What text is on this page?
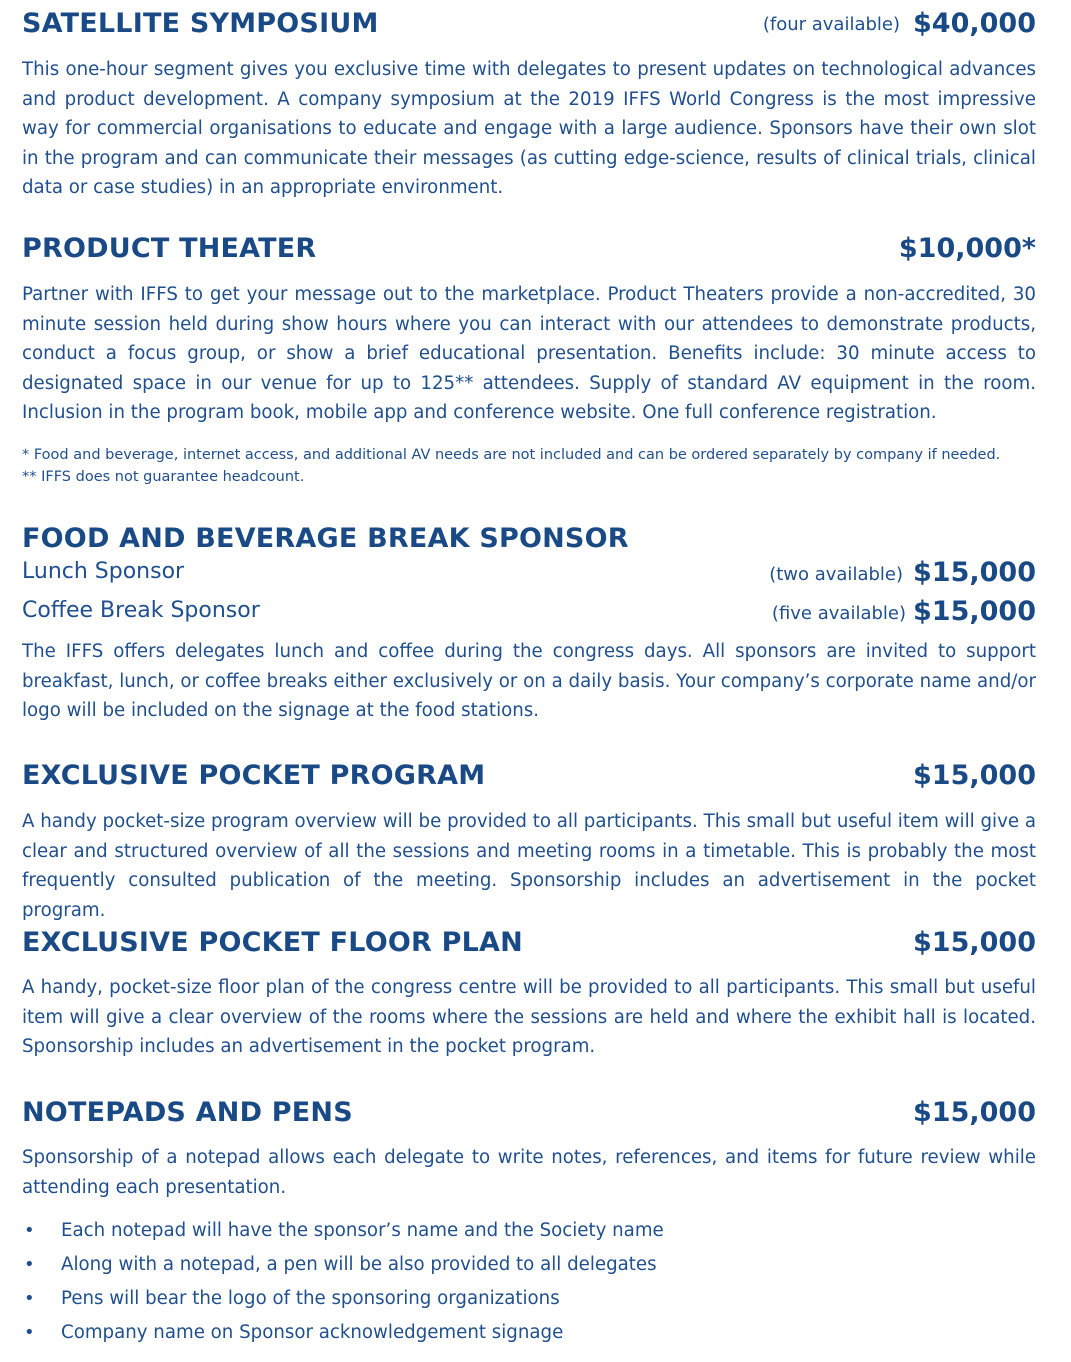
SATELLITE SYMPOSIUM	(four available) $40,000

This one-hour segment gives you exclusive time with delegates to present updates on technological advances and product development. A company symposium at the 2019 IFFS World Congress is the most impressive way for commercial organisations to educate and engage with a large audience. Sponsors have their own slot in the program and can communicate their messages (as cutting edge-science, results of clinical trials, clinical data or case studies) in an appropriate environment.

PRODUCT THEATER	$10,000*

Partner with IFFS to get your message out to the marketplace. Product Theaters provide a non-accredited, 30 minute session held during show hours where you can interact with our attendees to demonstrate products, conduct a focus group, or show a brief educational presentation. Benefits include: 30 minute access to designated space in our venue for up to 125** attendees. Supply of standard AV equipment in the room. Inclusion in the program book, mobile app and conference website. One full conference registration.

* Food and beverage, internet access, and additional AV needs are not included and can be ordered separately by company if needed.
** IFFS does not guarantee headcount.
FOOD AND BEVERAGE BREAK SPONSOR
Lunch Sponsor	(two available) $15,000
Coffee Break Sponsor	(five available) $15,000

The IFFS offers delegates lunch and coffee during the congress days. All sponsors are invited to support breakfast, lunch, or coffee breaks either exclusively or on a daily basis. Your company’s corporate name and/or logo will be included on the signage at the food stations.

EXCLUSIVE POCKET PROGRAM	$15,000

A handy pocket-size program overview will be provided to all participants. This small but useful item will give a clear and structured overview of all the sessions and meeting rooms in a timetable. This is probably the most frequently consulted publication of the meeting. Sponsorship includes an advertisement in the pocket program.

EXCLUSIVE POCKET FLOOR PLAN	$15,000

A handy, pocket-size floor plan of the congress centre will be provided to all participants. This small but useful item will give a clear overview of the rooms where the sessions are held and where the exhibit hall is located. Sponsorship includes an advertisement in the pocket program.

NOTEPADS AND PENS	$15,000

Sponsorship of a notepad allows each delegate to write notes, references, and items for future review while attending each presentation.

• Each notepad will have the sponsor’s name and the Society name
• Along with a notepad, a pen will be also provided to all delegates
• Pens will bear the logo of the sponsoring organizations
• Company name on Sponsor acknowledgement signage
